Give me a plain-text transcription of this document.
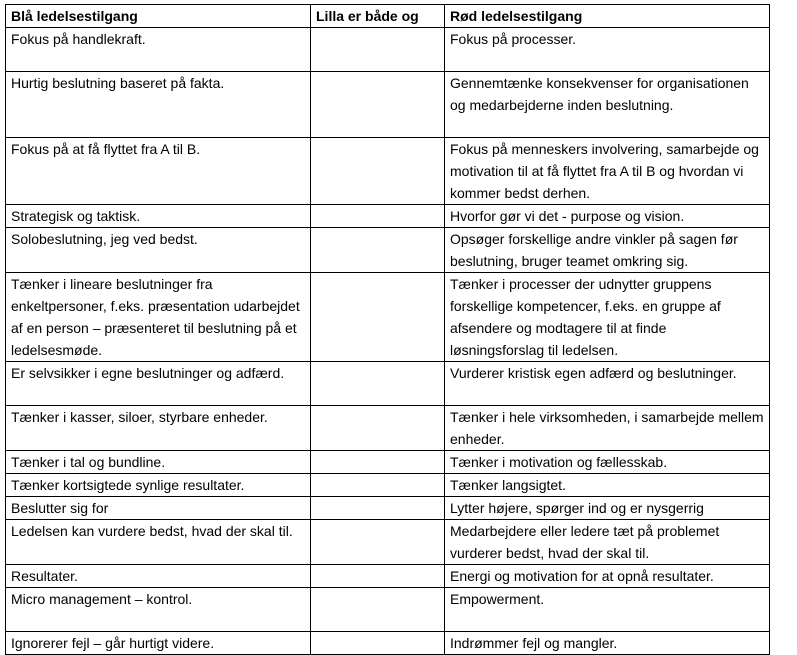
Blå ledelsestilgang	Lilla er både og	Rød ledelsestilgang
Fokus på handlekraft.		Fokus på processer.
Hurtig beslutning baseret på fakta.		Gennemtænke konsekvenser for organisationen og medarbejderne inden beslutning.
Fokus på at få flyttet fra A til B.		Fokus på menneskers involvering, samarbejde og motivation til at få flyttet fra A til B og hvordan vi kommer bedst derhen.
Strategisk og taktisk.		Hvorfor gør vi det - purpose og vision.
Solobeslutning, jeg ved bedst.		Opsøger forskellige andre vinkler på sagen før beslutning, bruger teamet omkring sig.
Tænker i lineare beslutninger fra enkeltpersoner, f.eks. præsentation udarbejdet af en person – præsenteret til beslutning på et ledelsesmøde.		Tænker i processer der udnytter gruppens forskellige kompetencer, f.eks. en gruppe af afsendere og modtagere til at finde løsningsforslag til ledelsen.
Er selvsikker i egne beslutninger og adfærd.		Vurderer kristisk egen adfærd og beslutninger.
Tænker i kasser, siloer, styrbare enheder.		Tænker i hele virksomheden, i samarbejde mellem enheder.
Tænker i tal og bundline.		Tænker i motivation og fællesskab.
Tænker kortsigtede synlige resultater.		Tænker langsigtet.
Beslutter sig for		Lytter højere, spørger ind og er nysgerrig
Ledelsen kan vurdere bedst, hvad der skal til.		Medarbejdere eller ledere tæt på problemet vurderer bedst, hvad der skal til.
Resultater.		Energi og motivation for at opnå resultater.
Micro management – kontrol.		Empowerment.
Ignorerer fejl – går hurtigt videre.		Indrømmer fejl og mangler.
